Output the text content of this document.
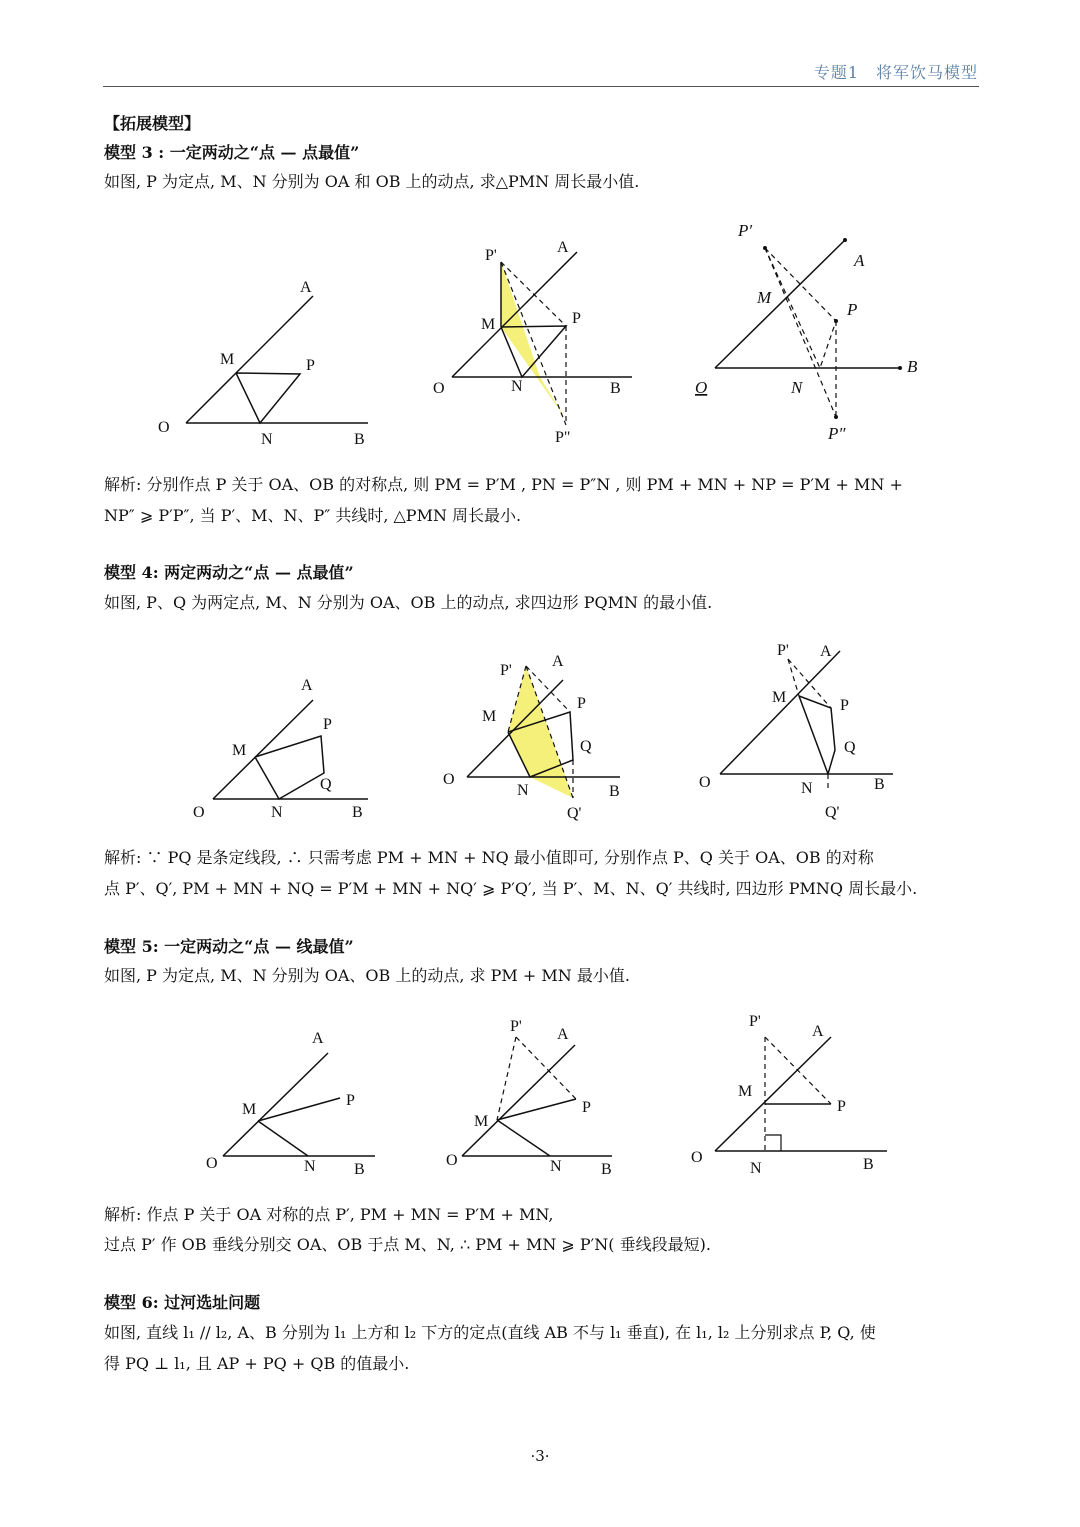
专题1　将军饮马模型
【拓展模型】
模型 3 : 一定两动之“点 — 点最值”
如图, P 为定点, M、N 分别为 OA 和 OB 上的动点, 求△PMN 周长最小值.
A
M	P
O
N	B
P'	A
M	P
O	N	B
P"
P′
A
M
P
B
O	N
P″
解析: 分别作点 P 关于 OA、OB 的对称点, 则 PM = P′M , PN = P″N , 则 PM + MN + NP = P′M + MN +
NP″ ⩾ P′P″, 当 P′、M、N、P″ 共线时, △PMN 周长最小.
模型 4: 两定两动之“点 — 点最值”
如图, P、Q 为两定点, M、N 分别为 OA、OB 上的动点, 求四边形 PQMN 的最小值.
A
P
M
Q
O	N	B
P'
A
P
M
Q
O
N	B
Q'
P' A
M	P
Q
O	N	B
Q'
解析: ∵ PQ 是条定线段, ∴ 只需考虑 PM + MN + NQ 最小值即可, 分别作点 P、Q 关于 OA、OB 的对称
点 P′、Q′, PM + MN + NQ = P′M + MN + NQ′ ⩾ P′Q′, 当 P′、M、N、Q′ 共线时, 四边形 PMNQ 周长最小.
模型 5: 一定两动之“点 — 线最值”
如图, P 为定点, M、N 分别为 OA、OB 上的动点, 求 PM + MN 最小值.
A
P
M
O	N B
P' A
P
M
O	N B
P'
A
M
P
O
N	B
解析: 作点 P 关于 OA 对称的点 P′, PM + MN = P′M + MN,
过点 P′ 作 OB 垂线分别交 OA、OB 于点 M、N, ∴ PM + MN ⩾ P′N( 垂线段最短).
模型 6: 过河选址问题
如图, 直线 l₁ // l₂, A、B 分别为 l₁ 上方和 l₂ 下方的定点(直线 AB 不与 l₁ 垂直), 在 l₁, l₂ 上分别求点 P, Q, 使
得 PQ ⊥ l₁, 且 AP + PQ + QB 的值最小.
·3·
